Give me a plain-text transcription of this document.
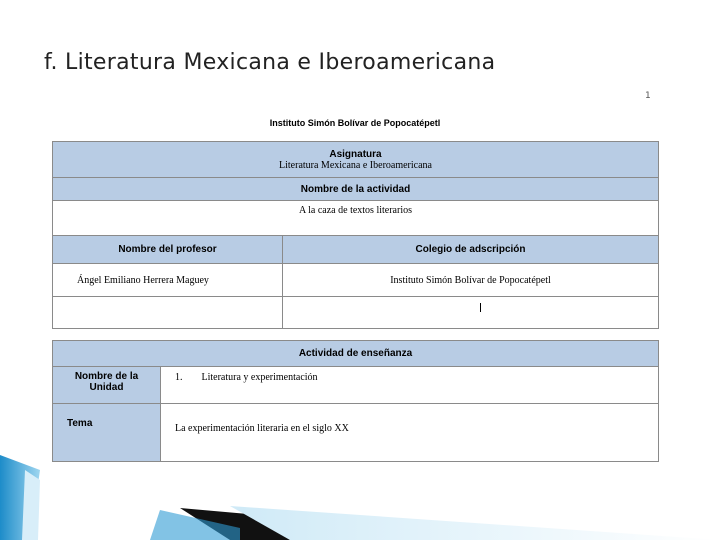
f. Literatura Mexicana e Iberoamericana
1
Instituto Simón Bolívar de Popocatépetl
Asignatura
Literatura Mexicana e Iberoamericana	

Nombre de la actividad	
A la caza de textos literarios	
Nombre del profesor	Colegio de adscripción
Ángel Emiliano Herrera Maguey	Instituto Simón Bolívar de Popocatépetl

Actividad de enseñanza	
Nombre de la Unidad	1. Literatura y experimentación
Tema	La experimentación literaria en el siglo XX
